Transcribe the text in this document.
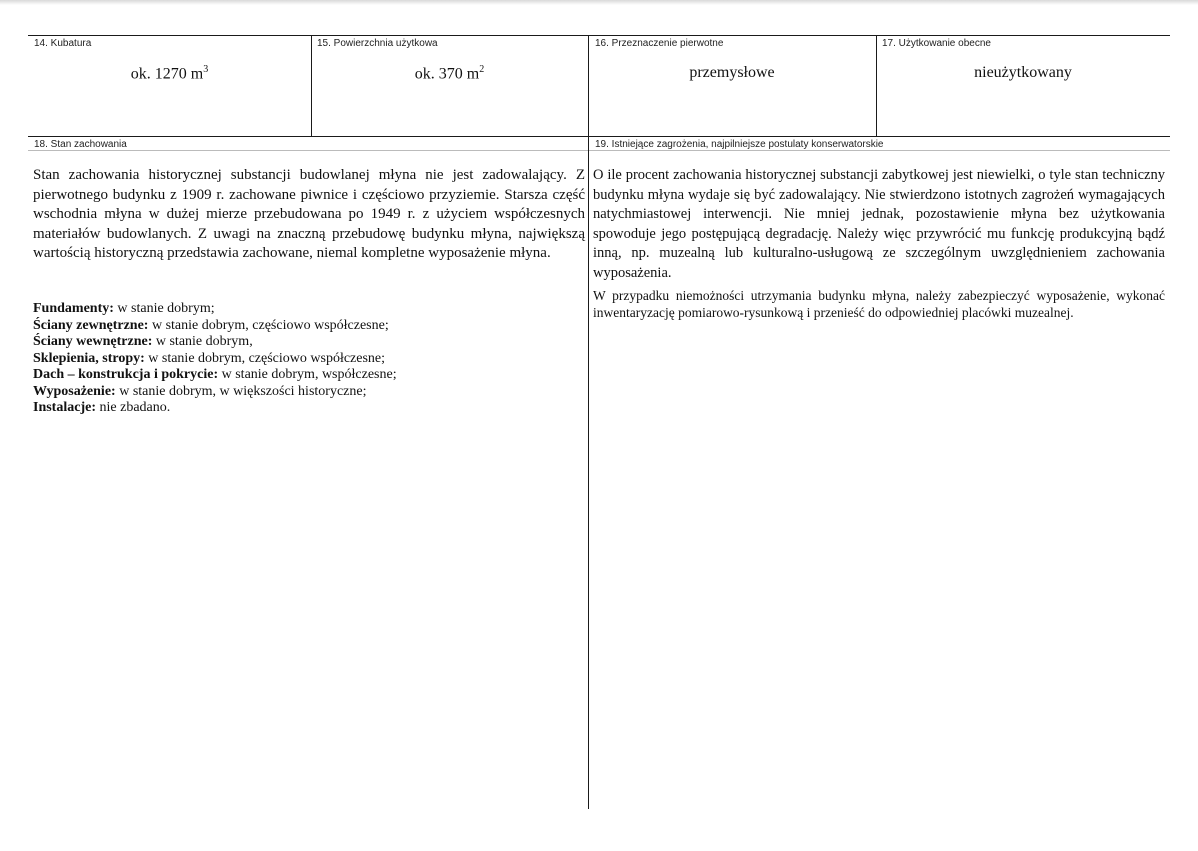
14. Kubatura
ok. 1270 $m^3$
15. Powierzchnia użytkowa
ok. 370 $m^2$
16. Przeznaczenie pierwotne
przemysłowe
17. Użytkowanie obecne
nieużytkowany
18. Stan zachowania

Stan zachowania historycznej substancji budowlanej młyna nie jest zadowalający. Z pierwotnego budynku z 1909 r. zachowane piwnice i częściowo przyziemie. Starsza część wschodnia młyna w dużej mierze przebudowana po 1949 r. z użyciem współczesnych materiałów budowlanych. Z uwagi na znaczną przebudowę budynku młyna, największą wartością historyczną przedstawia zachowane, niemal kompletne wyposażenie młyna.

Fundamenty: w stanie dobrym;
Ściany zewnętrzne: w stanie dobrym, częściowo współczesne;
Ściany wewnętrzne: w stanie dobrym,
Sklepienia, stropy: w stanie dobrym, częściowo współczesne;
Dach – konstrukcja i pokrycie: w stanie dobrym, współczesne;
Wyposażenie: w stanie dobrym, w większości historyczne;
Instalacje: nie zbadano.
19. Istniejące zagrożenia, najpilniejsze postulaty konserwatorskie

O ile procent zachowania historycznej substancji zabytkowej jest niewielki, o tyle stan techniczny budynku młyna wydaje się być zadowalający. Nie stwierdzono istotnych zagrożeń wymagających natychmiastowej interwencji. Nie mniej jednak, pozostawienie młyna bez użytkowania spowoduje jego postępującą degradację. Należy więc przywrócić mu funkcję produkcyjną bądź inną, np. muzealną lub kulturalno-usługową ze szczególnym uwzględnieniem zachowania wyposażenia.

W przypadku niemożności utrzymania budynku młyna, należy zabezpieczyć wyposażenie, wykonać inwentaryzację pomiarowo-rysunkową i przenieść do odpowiedniej placówki muzealnej.
